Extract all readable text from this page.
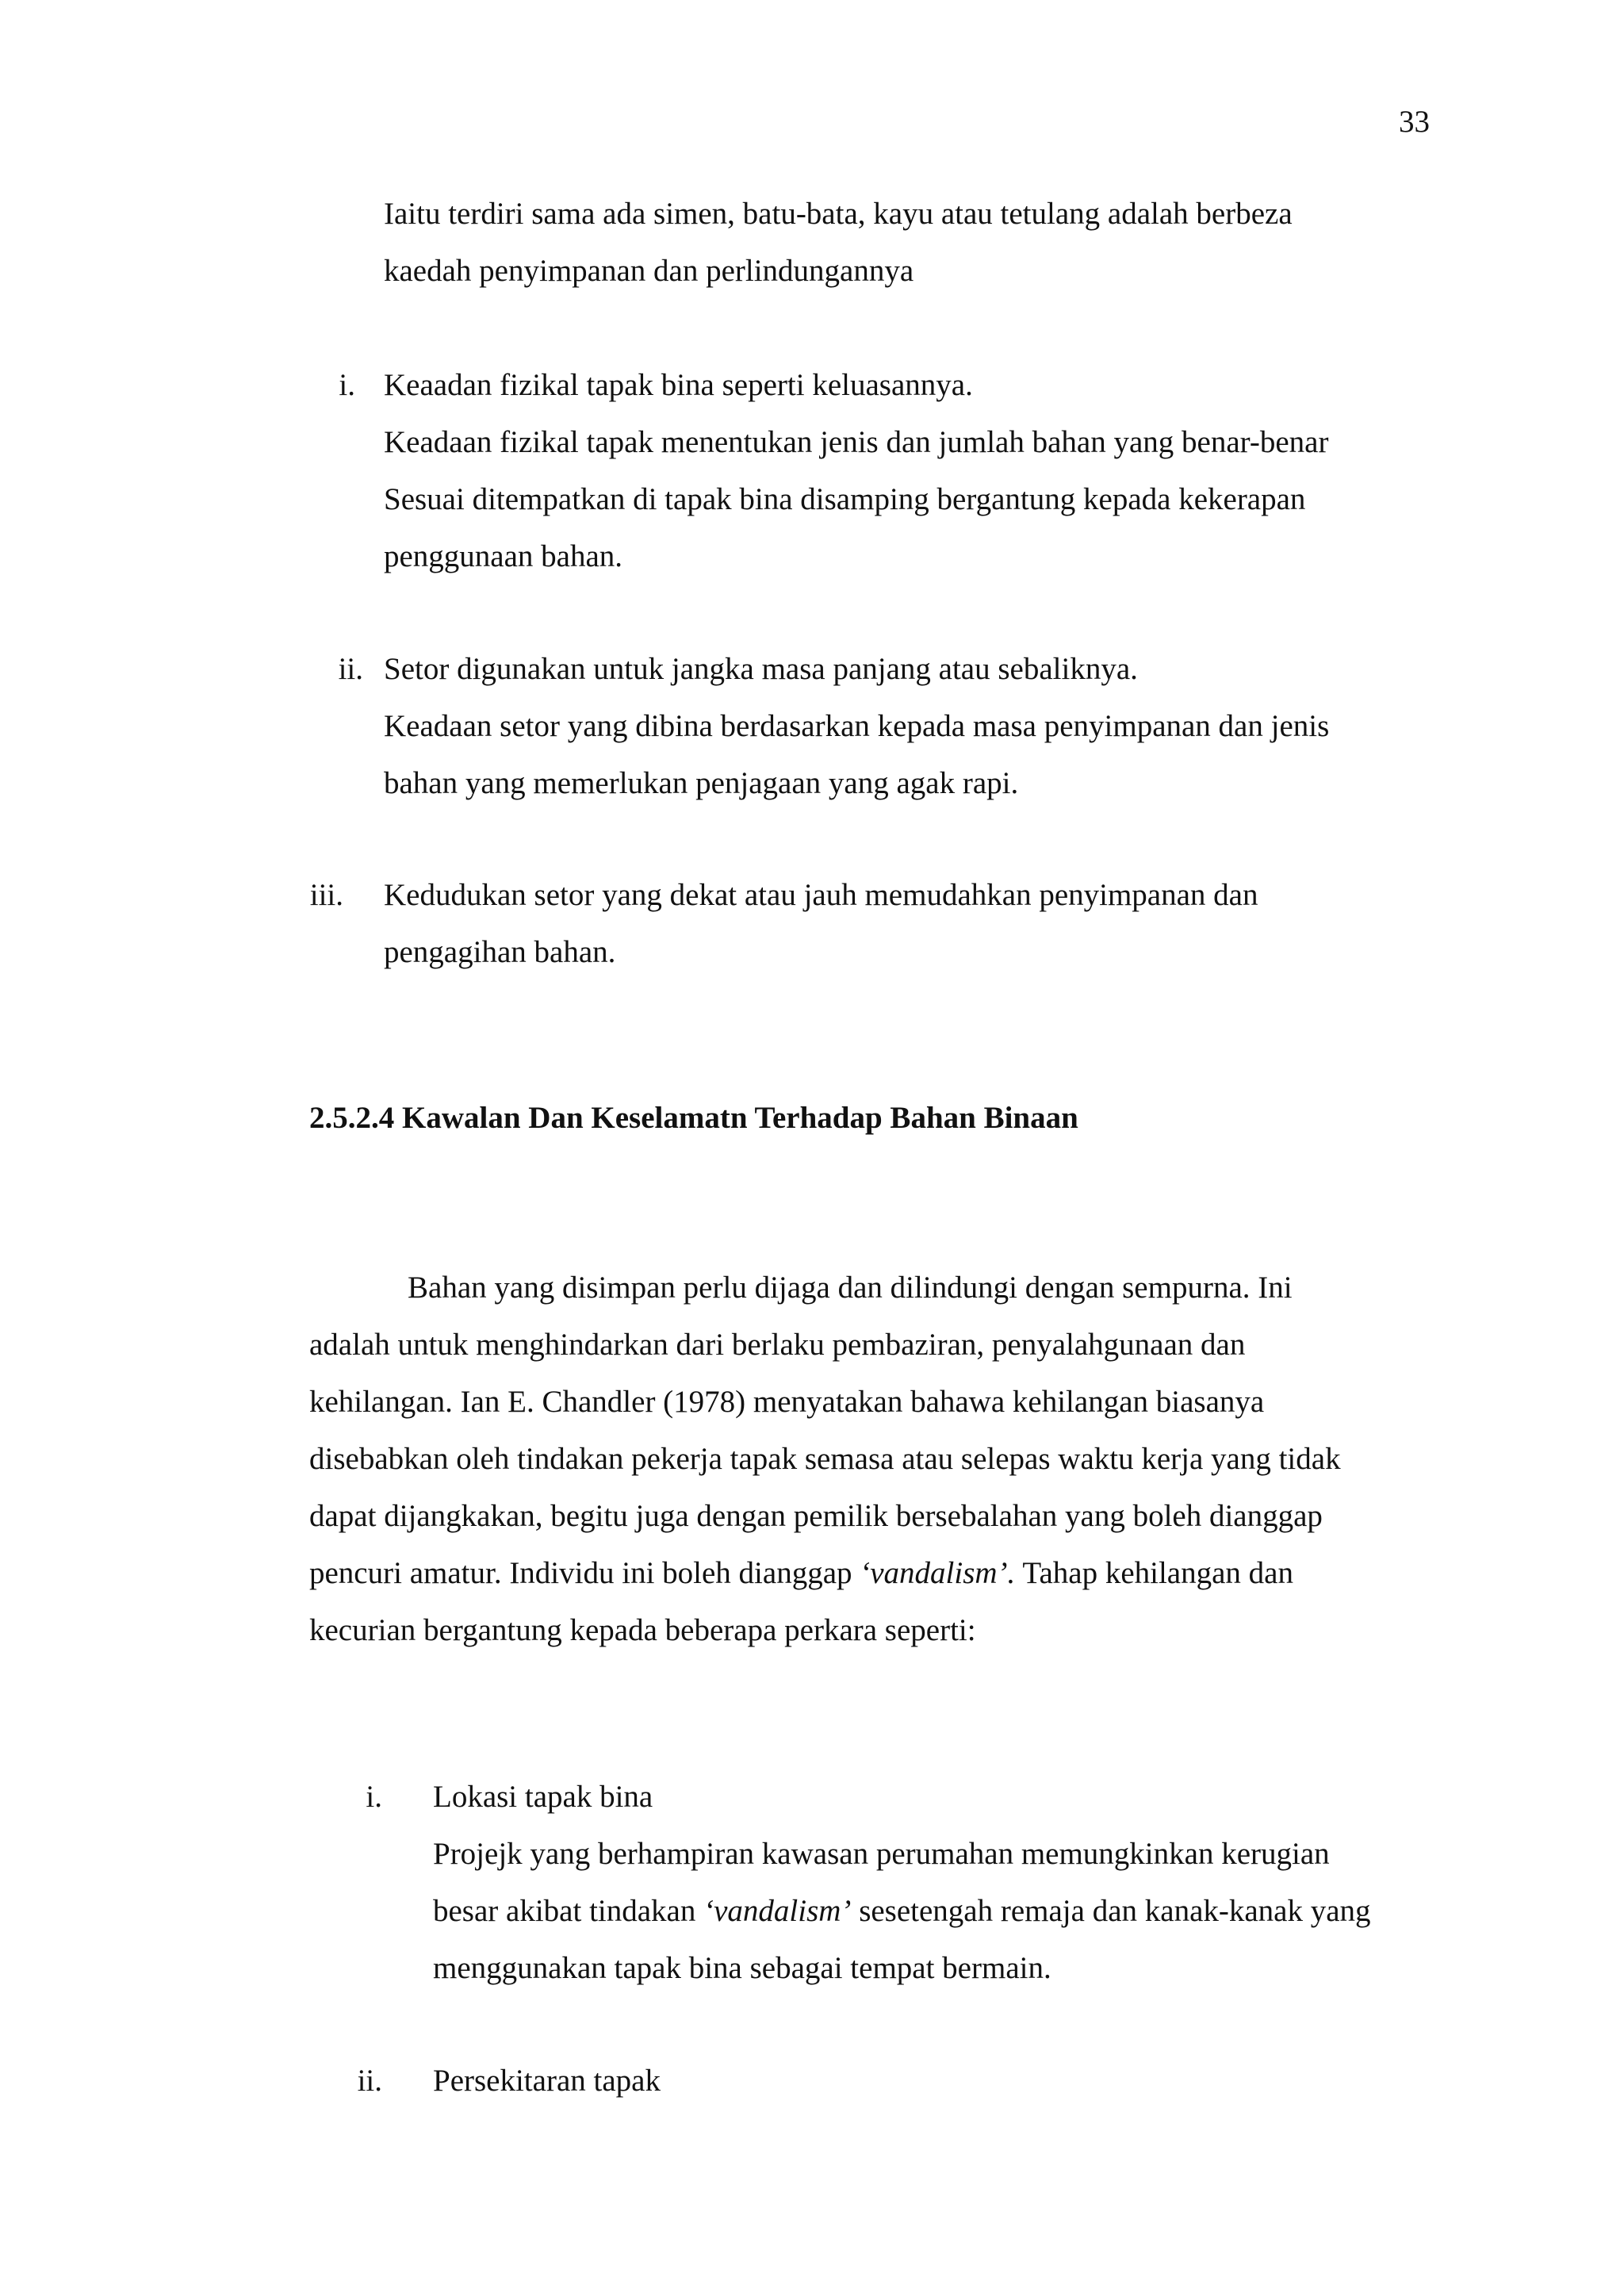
33

Iaitu terdiri sama ada simen, batu-bata, kayu atau tetulang adalah berbeza
kaedah penyimpanan dan perlindungannya
i. Keaadan fizikal tapak bina seperti keluasannya.
Keadaan fizikal tapak menentukan jenis dan jumlah bahan yang benar-benar
Sesuai ditempatkan di tapak bina disamping bergantung kepada kekerapan
penggunaan bahan.
ii. Setor digunakan untuk jangka masa panjang atau sebaliknya.
Keadaan setor yang dibina berdasarkan kepada masa penyimpanan dan jenis
bahan yang memerlukan penjagaan yang agak rapi.
iii. Kedudukan setor yang dekat atau jauh memudahkan penyimpanan dan
pengagihan bahan.

2.5.2.4 Kawalan Dan Keselamatn Terhadap Bahan Binaan

Bahan yang disimpan perlu dijaga dan dilindungi dengan sempurna. Ini
adalah untuk menghindarkan dari berlaku pembaziran, penyalahgunaan dan
kehilangan. Ian E. Chandler (1978) menyatakan bahawa kehilangan biasanya
disebabkan oleh tindakan pekerja tapak semasa atau selepas waktu kerja yang tidak
dapat dijangkakan, begitu juga dengan pemilik bersebalahan yang boleh dianggap
pencuri amatur. Individu ini boleh dianggap ‘vandalism’. Tahap kehilangan dan
kecurian bergantung kepada beberapa perkara seperti:
i. Lokasi tapak bina
Projejk yang berhampiran kawasan perumahan memungkinkan kerugian
besar akibat tindakan ‘vandalism’ sesetengah remaja dan kanak-kanak yang
menggunakan tapak bina sebagai tempat bermain.
ii. Persekitaran tapak
